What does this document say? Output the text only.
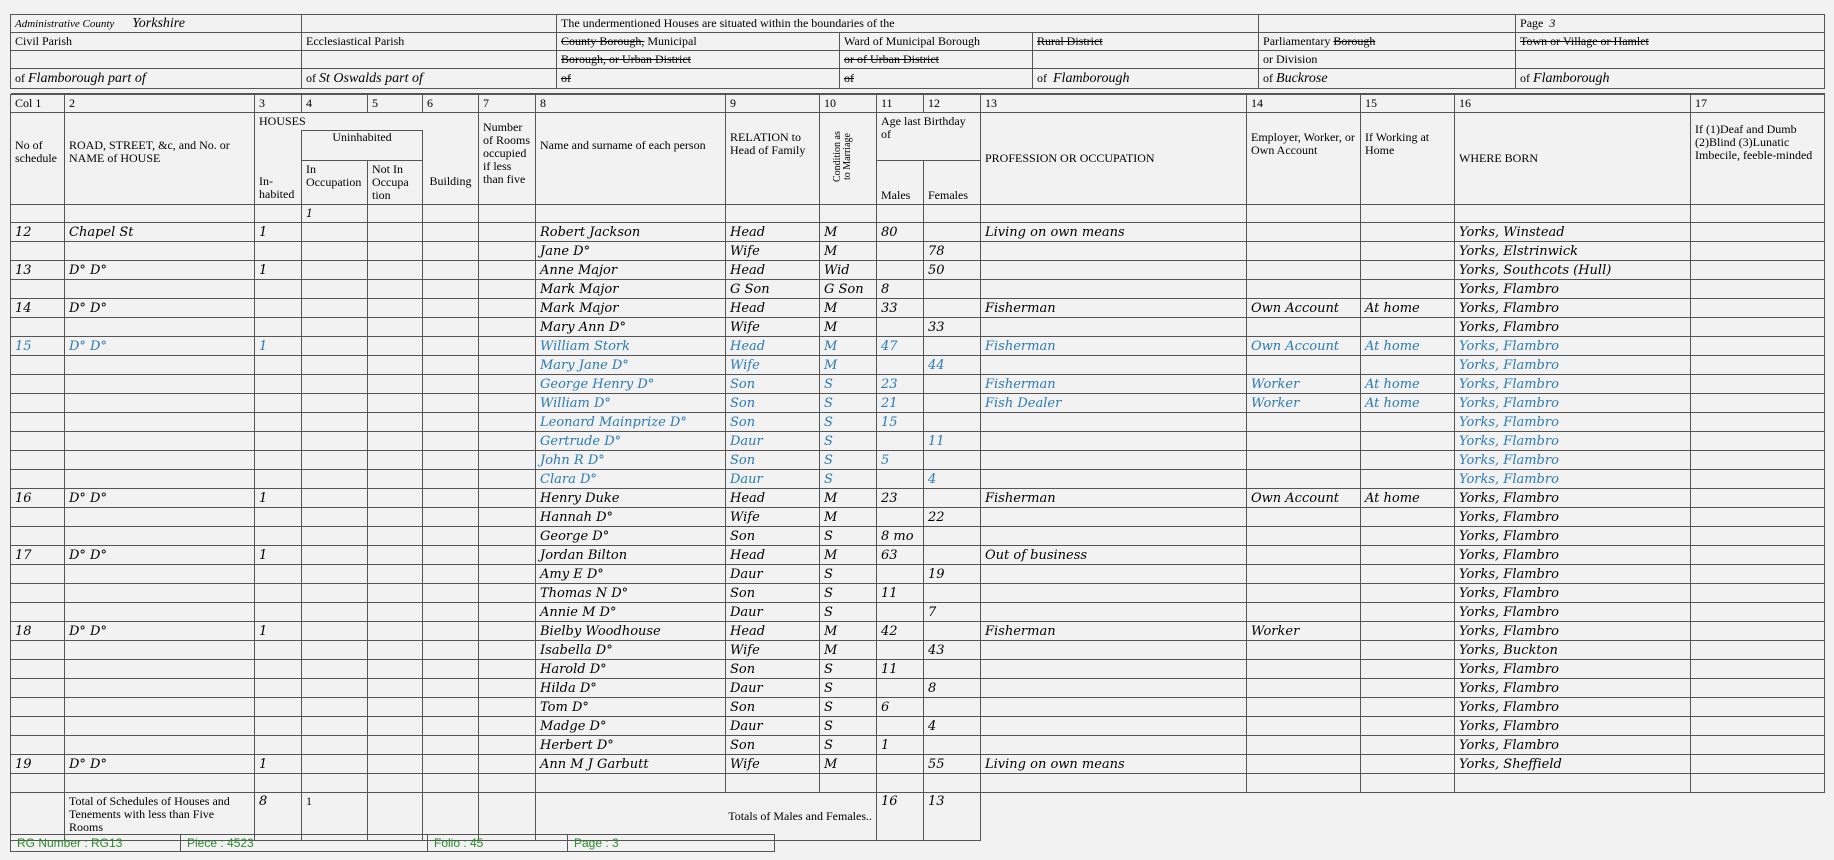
Administrative County Yorkshire		The undermentioned Houses are situated within the boundaries of the				Page 3
Civil Parish	Ecclesiastical Parish	County Borough, Municipal	Ward of Municipal Borough	Rural District	Parliamentary Borough	Town or Village or Hamlet
		Borough, or Urban District	or of Urban District		or Division	
of Flamborough part of	of St Oswalds part of	of	of	of  Flamborough	of Buckrose	of Flamborough

Col 1	2	3	4	5	6	7	8	9	10	11	12	13	14	15	16	17
No of schedule	ROAD, STREET, &c, and No. or NAME of HOUSE	HOUSES				Number of Rooms occupied if less than five	Name and surname of each person	RELATION to Head of Family	Condition as to Marriage	Age last Birthday of		PROFESSION OR OCCUPATION	Employer, Worker, or Own Account	If Working at Home	WHERE BORN	If (1)Deaf and Dumb (2)Blind (3)Lunatic Imbecile, feeble-minded
		In- habited	Uninhabited		Building											
			In Occupation	Not In Occupa tion						Males	Females					
			1													
12	Chapel St	1					Robert Jackson	Head	M	80		Living on own means			Yorks, Winstead	
							Jane D°	Wife	M		78				Yorks, Elstrinwick	
13	D° D°	1					Anne Major	Head	Wid		50				Yorks, Southcots (Hull)	
							Mark Major	G Son	G Son	8					Yorks, Flambro	
14	D° D°						Mark Major	Head	M	33		Fisherman	Own Account	At home	Yorks, Flambro	
							Mary Ann D°	Wife	M		33				Yorks, Flambro	
15	D° D°	1					William Stork	Head	M	47		Fisherman	Own Account	At home	Yorks, Flambro	
							Mary Jane D°	Wife	M		44				Yorks, Flambro	
							George Henry D°	Son	S	23		Fisherman	Worker	At home	Yorks, Flambro	
							William D°	Son	S	21		Fish Dealer	Worker	At home	Yorks, Flambro	
							Leonard Mainprize D°	Son	S	15					Yorks, Flambro	
							Gertrude D°	Daur	S		11				Yorks, Flambro	
							John R D°	Son	S	5					Yorks, Flambro	
							Clara D°	Daur	S		4				Yorks, Flambro	
16	D° D°	1					Henry Duke	Head	M	23		Fisherman	Own Account	At home	Yorks, Flambro	
							Hannah D°	Wife	M		22				Yorks, Flambro	
							George D°	Son	S	8 mo					Yorks, Flambro	
17	D° D°	1					Jordan Bilton	Head	M	63		Out of business			Yorks, Flambro	
							Amy E D°	Daur	S		19				Yorks, Flambro	
							Thomas N D°	Son	S	11					Yorks, Flambro	
							Annie M D°	Daur	S		7				Yorks, Flambro	
18	D° D°	1					Bielby Woodhouse	Head	M	42		Fisherman	Worker		Yorks, Flambro	
							Isabella D°	Wife	M		43				Yorks, Buckton	
							Harold D°	Son	S	11					Yorks, Flambro	
							Hilda D°	Daur	S		8				Yorks, Flambro	
							Tom D°	Son	S	6					Yorks, Flambro	
							Madge D°	Daur	S		4				Yorks, Flambro	
							Herbert D°	Son	S	1					Yorks, Flambro	
19	D° D°	1					Ann M J Garbutt	Wife	M		55	Living on own means			Yorks, Sheffield	

	Total of Schedules of Houses and Tenements with less than Five Rooms	8	1				Totals of Males and Females..			16	13					
RG Number : RG13	Piece : 4523	Folio : 45	Page : 3
